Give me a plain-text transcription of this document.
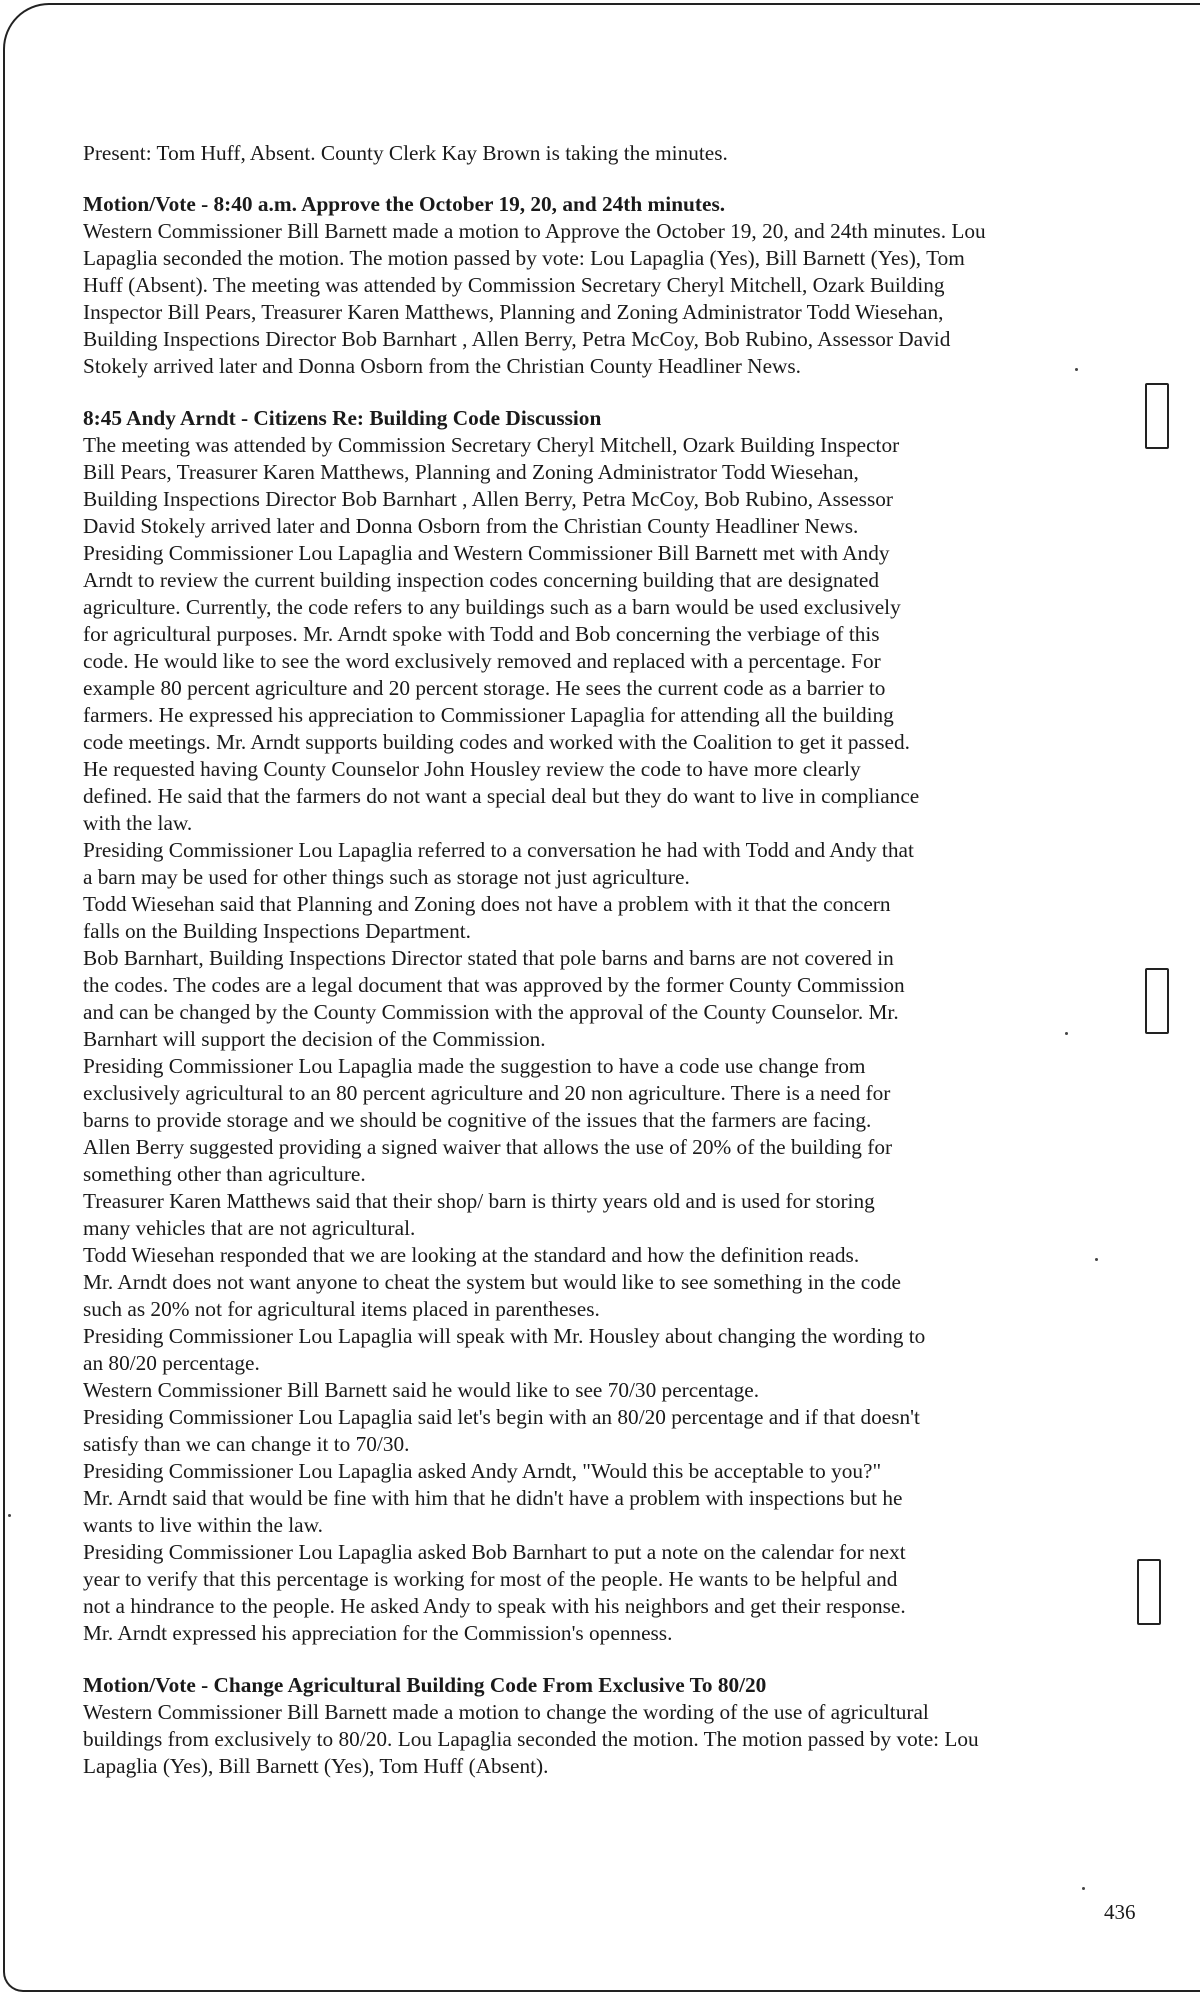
Present: Tom Huff, Absent. County Clerk Kay Brown is taking the minutes.

Motion/Vote - 8:40 a.m. Approve the October 19, 20, and 24th minutes.

Western Commissioner Bill Barnett made a motion to Approve the October 19, 20, and 24th minutes. Lou
Lapaglia seconded the motion. The motion passed by vote: Lou Lapaglia (Yes), Bill Barnett (Yes), Tom
Huff (Absent). The meeting was attended by Commission Secretary Cheryl Mitchell, Ozark Building
Inspector Bill Pears, Treasurer Karen Matthews, Planning and Zoning Administrator Todd Wiesehan,
Building Inspections Director Bob Barnhart , Allen Berry, Petra McCoy, Bob Rubino, Assessor David
Stokely arrived later and Donna Osborn from the Christian County Headliner News.

8:45 Andy Arndt - Citizens Re: Building Code Discussion

The meeting was attended by Commission Secretary Cheryl Mitchell, Ozark Building Inspector
Bill Pears, Treasurer Karen Matthews, Planning and Zoning Administrator Todd Wiesehan,
Building Inspections Director Bob Barnhart , Allen Berry, Petra McCoy, Bob Rubino, Assessor
David Stokely arrived later and Donna Osborn from the Christian County Headliner News.
Presiding Commissioner Lou Lapaglia and Western Commissioner Bill Barnett met with Andy
Arndt to review the current building inspection codes concerning building that are designated
agriculture. Currently, the code refers to any buildings such as a barn would be used exclusively
for agricultural purposes. Mr. Arndt spoke with Todd and Bob concerning the verbiage of this
code. He would like to see the word exclusively removed and replaced with a percentage. For
example 80 percent agriculture and 20 percent storage. He sees the current code as a barrier to
farmers. He expressed his appreciation to Commissioner Lapaglia for attending all the building
code meetings. Mr. Arndt supports building codes and worked with the Coalition to get it passed.
He requested having County Counselor John Housley review the code to have more clearly
defined. He said that the farmers do not want a special deal but they do want to live in compliance
with the law.
Presiding Commissioner Lou Lapaglia referred to a conversation he had with Todd and Andy that
a barn may be used for other things such as storage not just agriculture.
Todd Wiesehan said that Planning and Zoning does not have a problem with it that the concern
falls on the Building Inspections Department.
Bob Barnhart, Building Inspections Director stated that pole barns and barns are not covered in
the codes. The codes are a legal document that was approved by the former County Commission
and can be changed by the County Commission with the approval of the County Counselor. Mr.
Barnhart will support the decision of the Commission.
Presiding Commissioner Lou Lapaglia made the suggestion to have a code use change from
exclusively agricultural to an 80 percent agriculture and 20 non agriculture. There is a need for
barns to provide storage and we should be cognitive of the issues that the farmers are facing.
Allen Berry suggested providing a signed waiver that allows the use of 20% of the building for
something other than agriculture.
Treasurer Karen Matthews said that their shop/ barn is thirty years old and is used for storing
many vehicles that are not agricultural.
Todd Wiesehan responded that we are looking at the standard and how the definition reads.
Mr. Arndt does not want anyone to cheat the system but would like to see something in the code
such as 20% not for agricultural items placed in parentheses.
Presiding Commissioner Lou Lapaglia will speak with Mr. Housley about changing the wording to
an 80/20 percentage.
Western Commissioner Bill Barnett said he would like to see 70/30 percentage.
Presiding Commissioner Lou Lapaglia said let's begin with an 80/20 percentage and if that doesn't
satisfy than we can change it to 70/30.
Presiding Commissioner Lou Lapaglia asked Andy Arndt, "Would this be acceptable to you?"
Mr. Arndt said that would be fine with him that he didn't have a problem with inspections but he
wants to live within the law.
Presiding Commissioner Lou Lapaglia asked Bob Barnhart to put a note on the calendar for next
year to verify that this percentage is working for most of the people. He wants to be helpful and
not a hindrance to the people. He asked Andy to speak with his neighbors and get their response.
Mr. Arndt expressed his appreciation for the Commission's openness.

Motion/Vote - Change Agricultural Building Code From Exclusive To 80/20

Western Commissioner Bill Barnett made a motion to change the wording of the use of agricultural
buildings from exclusively to 80/20. Lou Lapaglia seconded the motion. The motion passed by vote: Lou
Lapaglia (Yes), Bill Barnett (Yes), Tom Huff (Absent).
436
